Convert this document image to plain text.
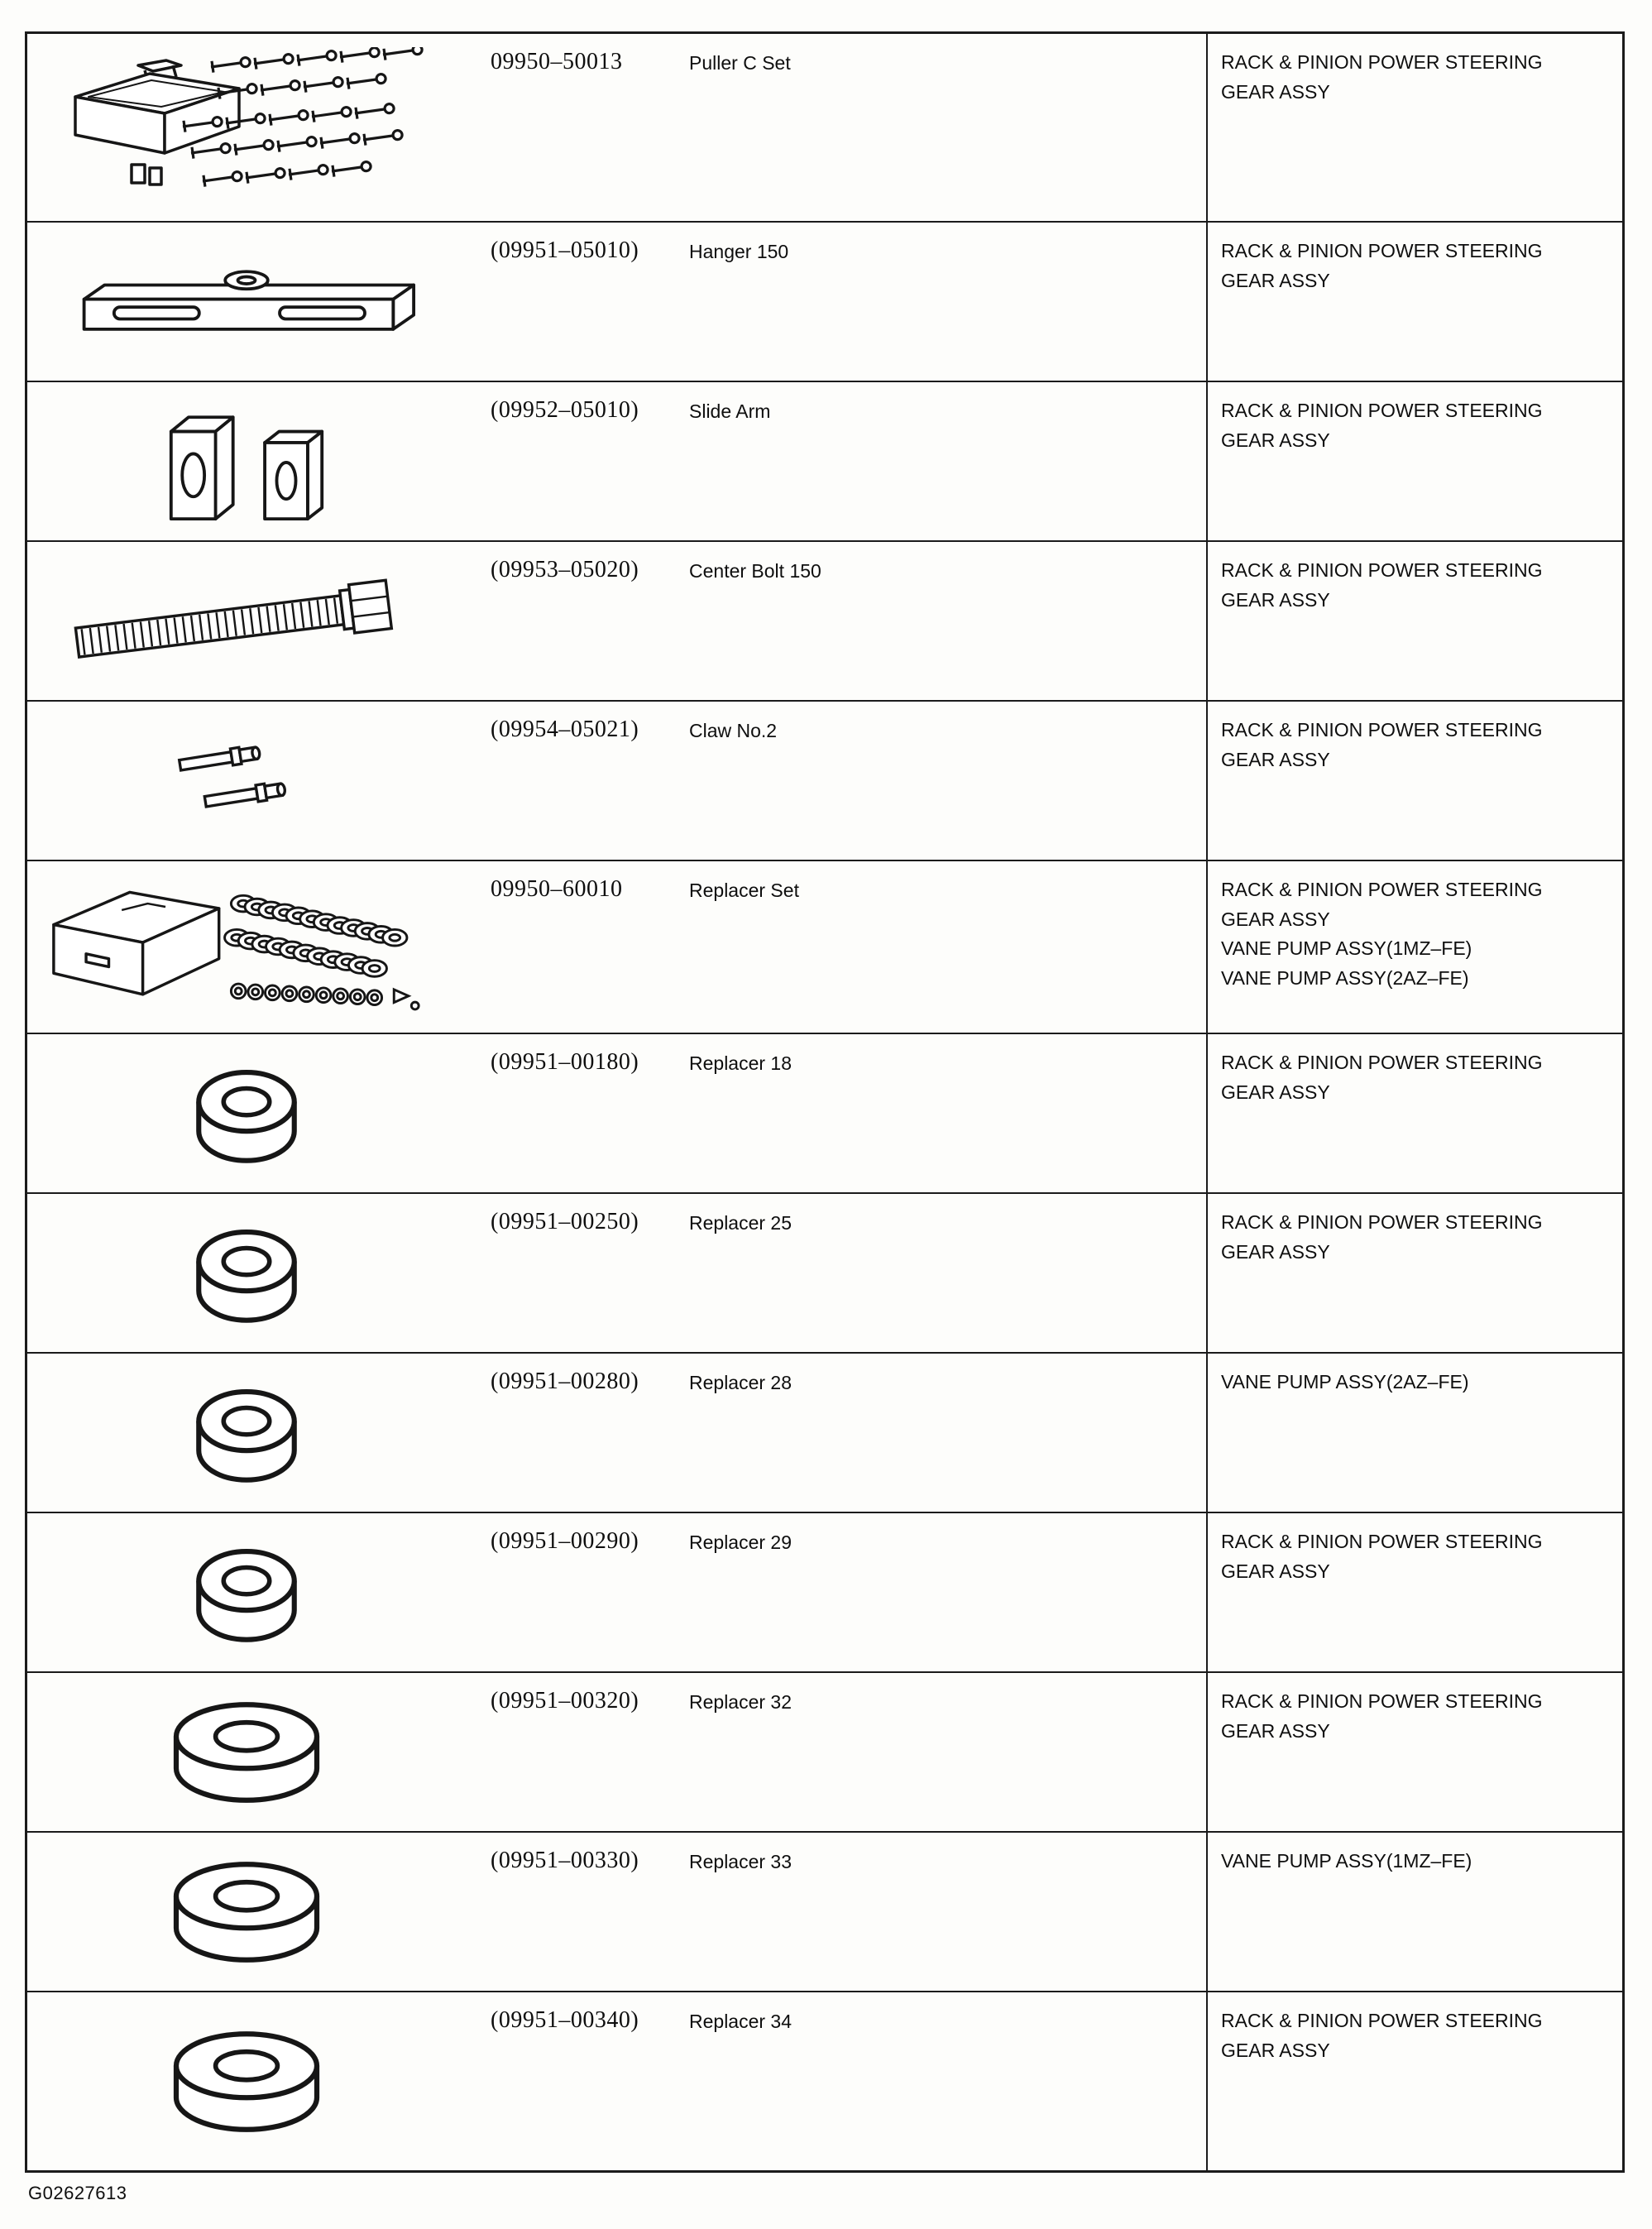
09950–50013	Puller C Set	RACK & PINION POWER STEERING GEAR ASSY
(09951–05010)	Hanger 150	RACK & PINION POWER STEERING GEAR ASSY
(09952–05010)	Slide Arm	RACK & PINION POWER STEERING GEAR ASSY
(09953–05020)	Center Bolt 150	RACK & PINION POWER STEERING GEAR ASSY
(09954–05021)	Claw No.2	RACK & PINION POWER STEERING GEAR ASSY
09950–60010	Replacer Set	RACK & PINION POWER STEERING GEAR ASSY
VANE PUMP ASSY(1MZ–FE)
VANE PUMP ASSY(2AZ–FE)
(09951–00180)	Replacer 18	RACK & PINION POWER STEERING GEAR ASSY
(09951–00250)	Replacer 25	RACK & PINION POWER STEERING GEAR ASSY
(09951–00280)	Replacer 28	VANE PUMP ASSY(2AZ–FE)
(09951–00290)	Replacer 29	RACK & PINION POWER STEERING GEAR ASSY
(09951–00320)	Replacer 32	RACK & PINION POWER STEERING GEAR ASSY
(09951–00330)	Replacer 33	VANE PUMP ASSY(1MZ–FE)
(09951–00340)	Replacer 34	RACK & PINION POWER STEERING GEAR ASSY
G02627613
